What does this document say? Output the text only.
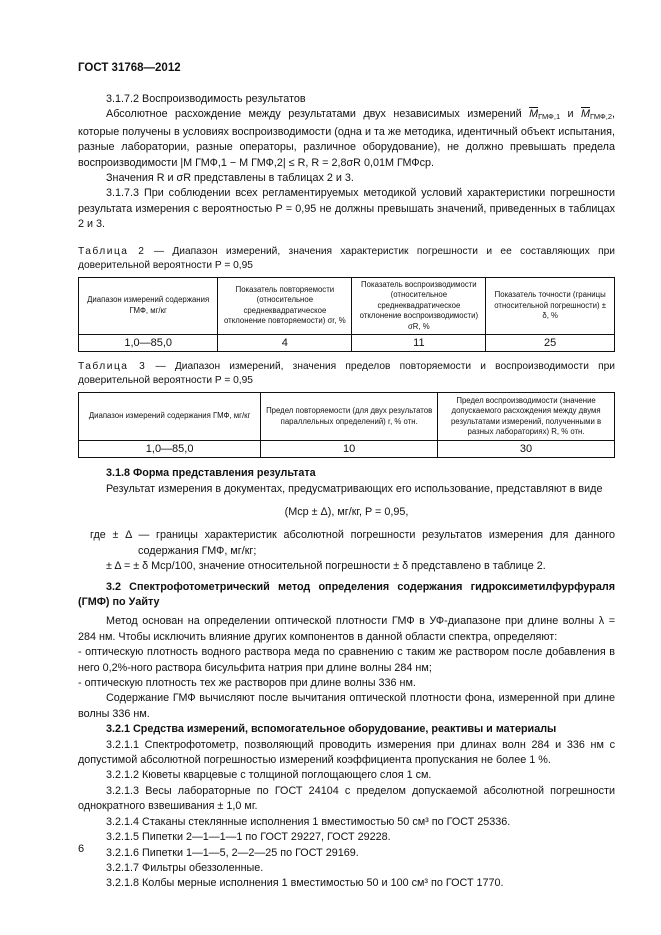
ГОСТ 31768—2012

3.1.7.2 Воспроизводимость результатов

Абсолютное расхождение между результатами двух независимых измерений $\overline{M}_{ГМФ,1}$ и $\overline{M}_{ГМФ,2}$, которые получены в условиях воспроизводимости (одна и та же методика, идентичный объект испытания, разные лаборатории, разные операторы, различное оборудование), не должно превышать предела воспроизводимости |M ГМФ,1 − M ГМФ,2| ≤ R, R = 2,8σR 0,01M ГМФср.

Значения R и σR представлены в таблицах 2 и 3.

3.1.7.3 При соблюдении всех регламентируемых методикой условий характеристики погрешности результата измерения с вероятностью P = 0,95 не должны превышать значений, приведенных в таблицах 2 и 3.

Таблица 2 — Диапазон измерений, значения характеристик погрешности и ее составляющих при доверительной вероятности P = 0,95

Диапазон измерений содержания ГМФ, мг/кг	Показатель повторяемости (относительное среднеквадратическое отклонение повторяемости) σr, %	Показатель воспроизводимости (относительное среднеквадратическое отклонение воспроизводимости) σR, %	Показатель точности (границы относительной погрешности) ± δ, %
1,0—85,0	4	11	25

Таблица 3 — Диапазон измерений, значения пределов повторяемости и воспроизводимости при доверительной вероятности P = 0,95

Диапазон измерений содержания ГМФ, мг/кг	Предел повторяемости (для двух результатов параллельных определений) r, % отн.	Предел воспроизводимости (значение допускаемого расхождения между двумя результатами измерений, полученными в разных лабораториях) R, % отн.
1,0—85,0	10	30

3.1.8 Форма представления результата

Результат измерения в документах, предусматривающих его использование, представляют в виде

(Mср ± Δ), мг/кг, P = 0,95,

где ± Δ — границы характеристик абсолютной погрешности результатов измерения для данного содержания ГМФ, мг/кг;

± Δ = ± δ Mср/100, значение относительной погрешности ± δ представлено в таблице 2.

3.2 Спектрофотометрический метод определения содержания гидроксиметилфурфураля (ГМФ) по Уайту

Метод основан на определении оптической плотности ГМФ в УФ-диапазоне при длине волны λ = 284 нм. Чтобы исключить влияние других компонентов в данной области спектра, определяют:

- оптическую плотность водного раствора меда по сравнению с таким же раствором после добавления в него 0,2%-ного раствора бисульфита натрия при длине волны 284 нм;

- оптическую плотность тех же растворов при длине волны 336 нм.

Содержание ГМФ вычисляют после вычитания оптической плотности фона, измеренной при длине волны 336 нм.

3.2.1 Средства измерений, вспомогательное оборудование, реактивы и материалы

3.2.1.1 Спектрофотометр, позволяющий проводить измерения при длинах волн 284 и 336 нм с допустимой абсолютной погрешностью измерений коэффициента пропускания не более 1 %.

3.2.1.2 Кюветы кварцевые с толщиной поглощающего слоя 1 см.

3.2.1.3 Весы лабораторные по ГОСТ 24104 с пределом допускаемой абсолютной погрешности однократного взвешивания ± 1,0 мг.

3.2.1.4 Стаканы стеклянные исполнения 1 вместимостью 50 см³ по ГОСТ 25336.

3.2.1.5 Пипетки 2—1—1—1 по ГОСТ 29227, ГОСТ 29228.

3.2.1.6 Пипетки 1—1—5, 2—2—25 по ГОСТ 29169.

3.2.1.7 Фильтры обеззоленные.

3.2.1.8 Колбы мерные исполнения 1 вместимостью 50 и 100 см³ по ГОСТ 1770.

6
